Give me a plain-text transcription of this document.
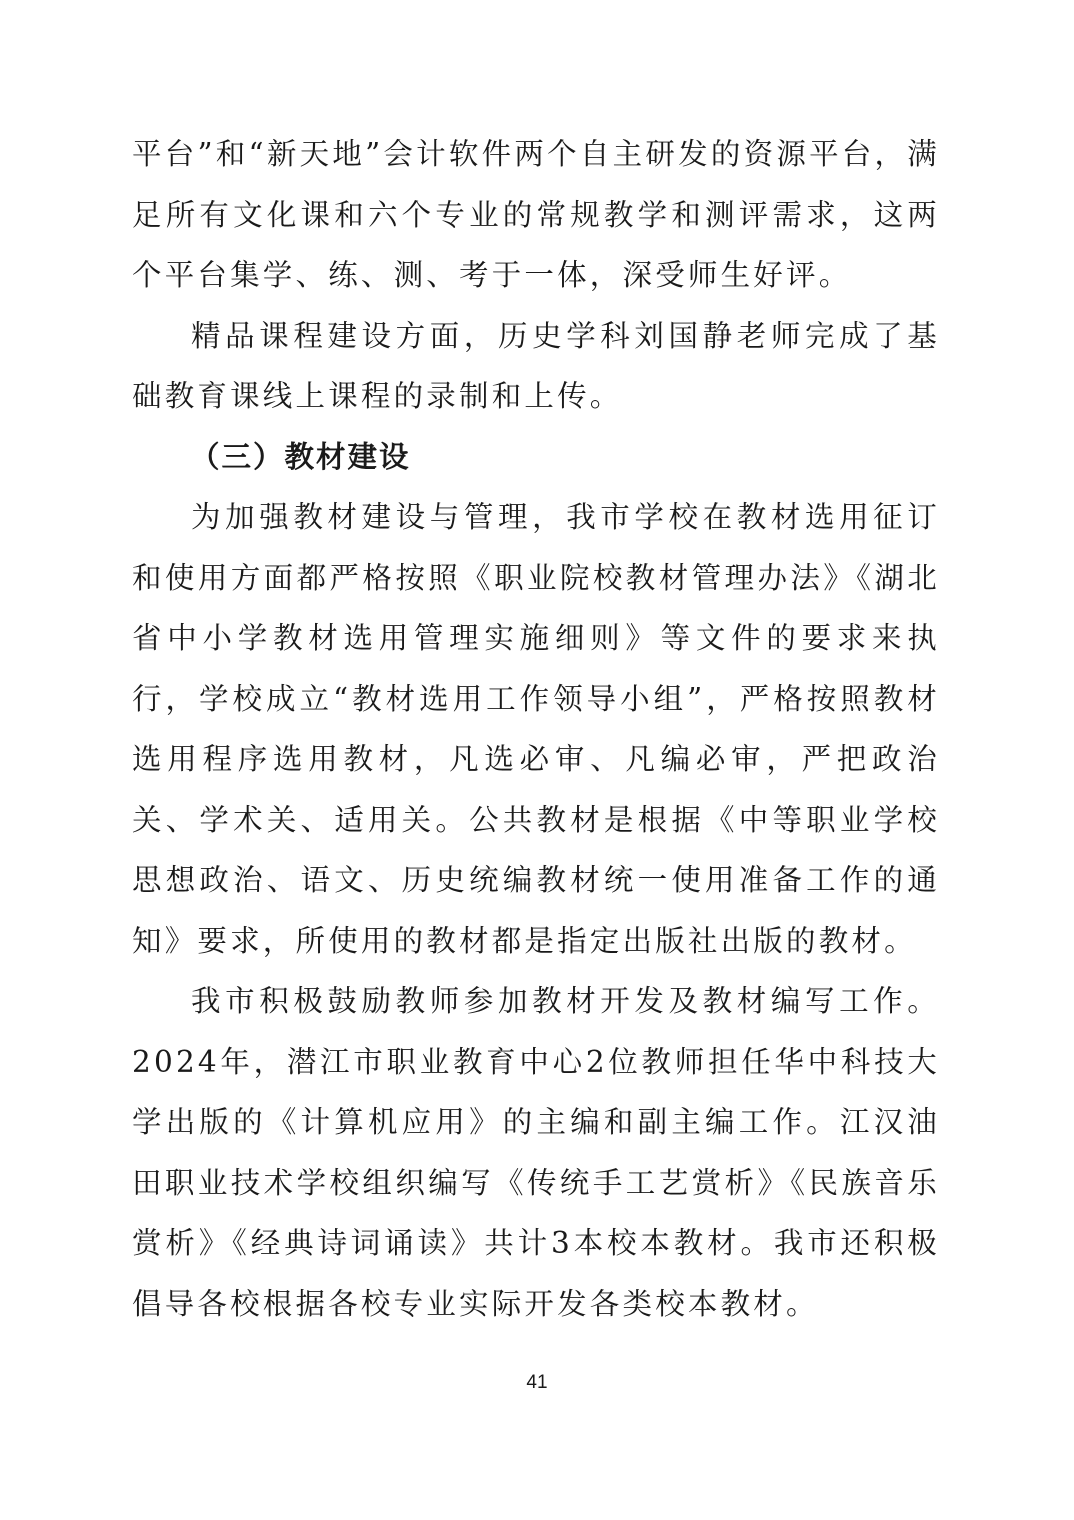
平台”和“新天地”会计软件两个自主研发的资源平台，满足所有文化课和六个专业的常规教学和测评需求，这两个平台集学、练、测、考于一体，深受师生好评。

精品课程建设方面，历史学科刘国静老师完成了基础教育课线上课程的录制和上传。

（三）教材建设

为加强教材建设与管理，我市学校在教材选用征订和使用方面都严格按照《职业院校教材管理办法》《湖北省中小学教材选用管理实施细则》等文件的要求来执行，学校成立“教材选用工作领导小组”，严格按照教材选用程序选用教材，凡选必审、凡编必审，严把政治关、学术关、适用关。公共教材是根据《中等职业学校思想政治、语文、历史统编教材统一使用准备工作的通知》要求，所使用的教材都是指定出版社出版的教材。

我市积极鼓励教师参加教材开发及教材编写工作。2024年，潜江市职业教育中心2位教师担任华中科技大学出版的《计算机应用》的主编和副主编工作。江汉油田职业技术学校组织编写《传统手工艺赏析》《民族音乐赏析》《经典诗词诵读》共计3本校本教材。我市还积极倡导各校根据各校专业实际开发各类校本教材。

41
